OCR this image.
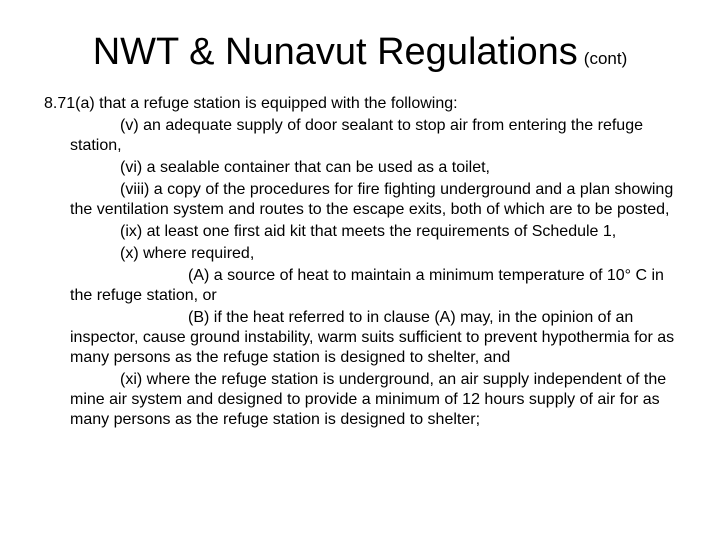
NWT & Nunavut Regulations (cont)

8.71(a) that a refuge station is equipped with the following:

(v) an adequate supply of door sealant to stop air from entering the refuge station,

(vi) a sealable container that can be used as a toilet,

(viii) a copy of the procedures for fire fighting underground and a plan showing the ventilation system and routes to the escape exits, both of which are to be posted,

(ix) at least one first aid kit that meets the requirements of Schedule 1,

(x) where required,

(A) a source of heat to maintain a minimum temperature of 10° C in the refuge station, or

(B) if the heat referred to in clause (A) may, in the opinion of an inspector, cause ground instability, warm suits sufficient to prevent hypothermia for as many persons as the refuge station is designed to shelter, and

(xi) where the refuge station is underground, an air supply independent of the mine air system and designed to provide a minimum of 12 hours supply of air for as many persons as the refuge station is designed to shelter;
